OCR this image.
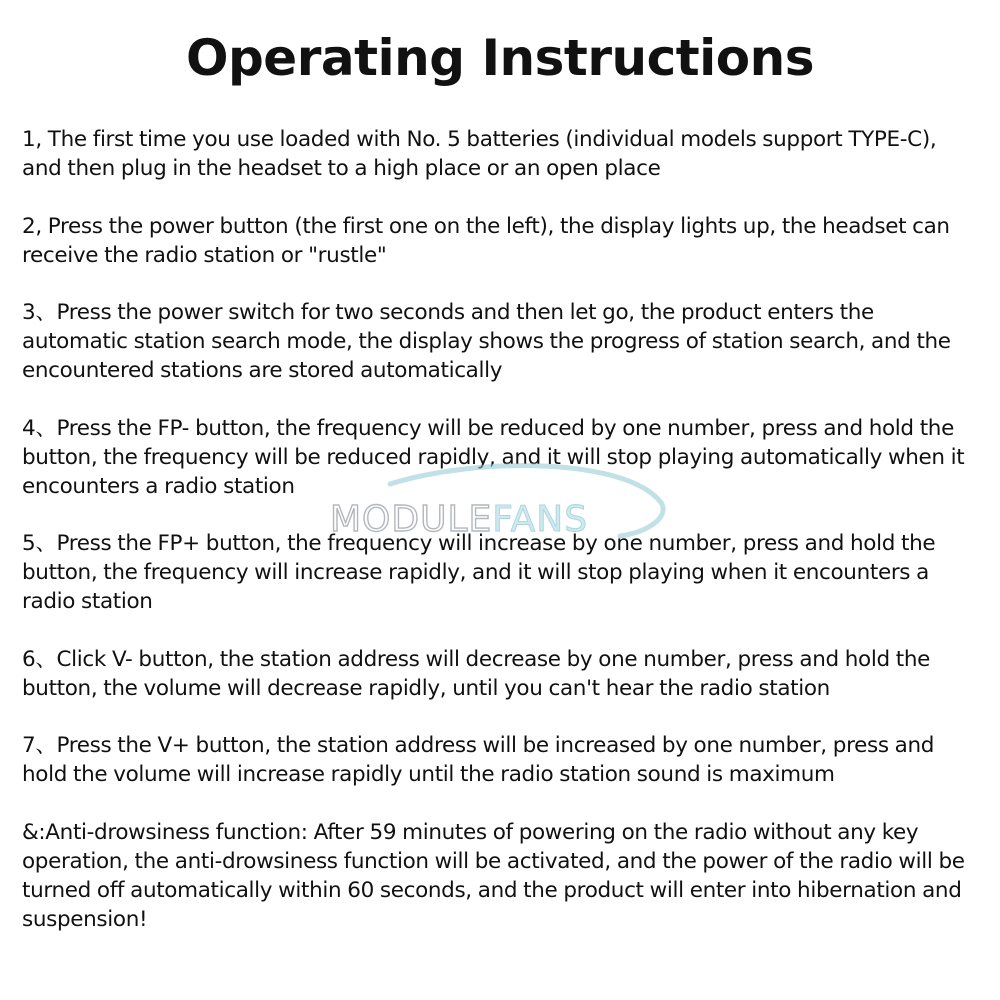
Operating Instructions
1, The first time you use loaded with No. 5 batteries (individual models support TYPE-C), and then plug in the headset to a high place or an open place
2, Press the power button (the first one on the left), the display lights up, the headset can receive the radio station or "rustle"
3、Press the power switch for two seconds and then let go, the product enters the automatic station search mode, the display shows the progress of station search, and the encountered stations are stored automatically
4、Press the FP- button, the frequency will be reduced by one number, press and hold the button, the frequency will be reduced rapidly, and it will stop playing automatically when it encounters a radio station
5、Press the FP+ button, the frequency will increase by one number, press and hold the button, the frequency will increase rapidly, and it will stop playing when it encounters a radio station
6、Click V- button, the station address will decrease by one number, press and hold the button, the volume will decrease rapidly, until you can't hear the radio station
7、Press the V+ button, the station address will be increased by one number, press and hold the volume will increase rapidly until the radio station sound is maximum
&:Anti-drowsiness function: After 59 minutes of powering on the radio without any key operation, the anti-drowsiness function will be activated, and the power of the radio will be turned off automatically within 60 seconds, and the product will enter into hibernation and suspension!
MODULEFANS
